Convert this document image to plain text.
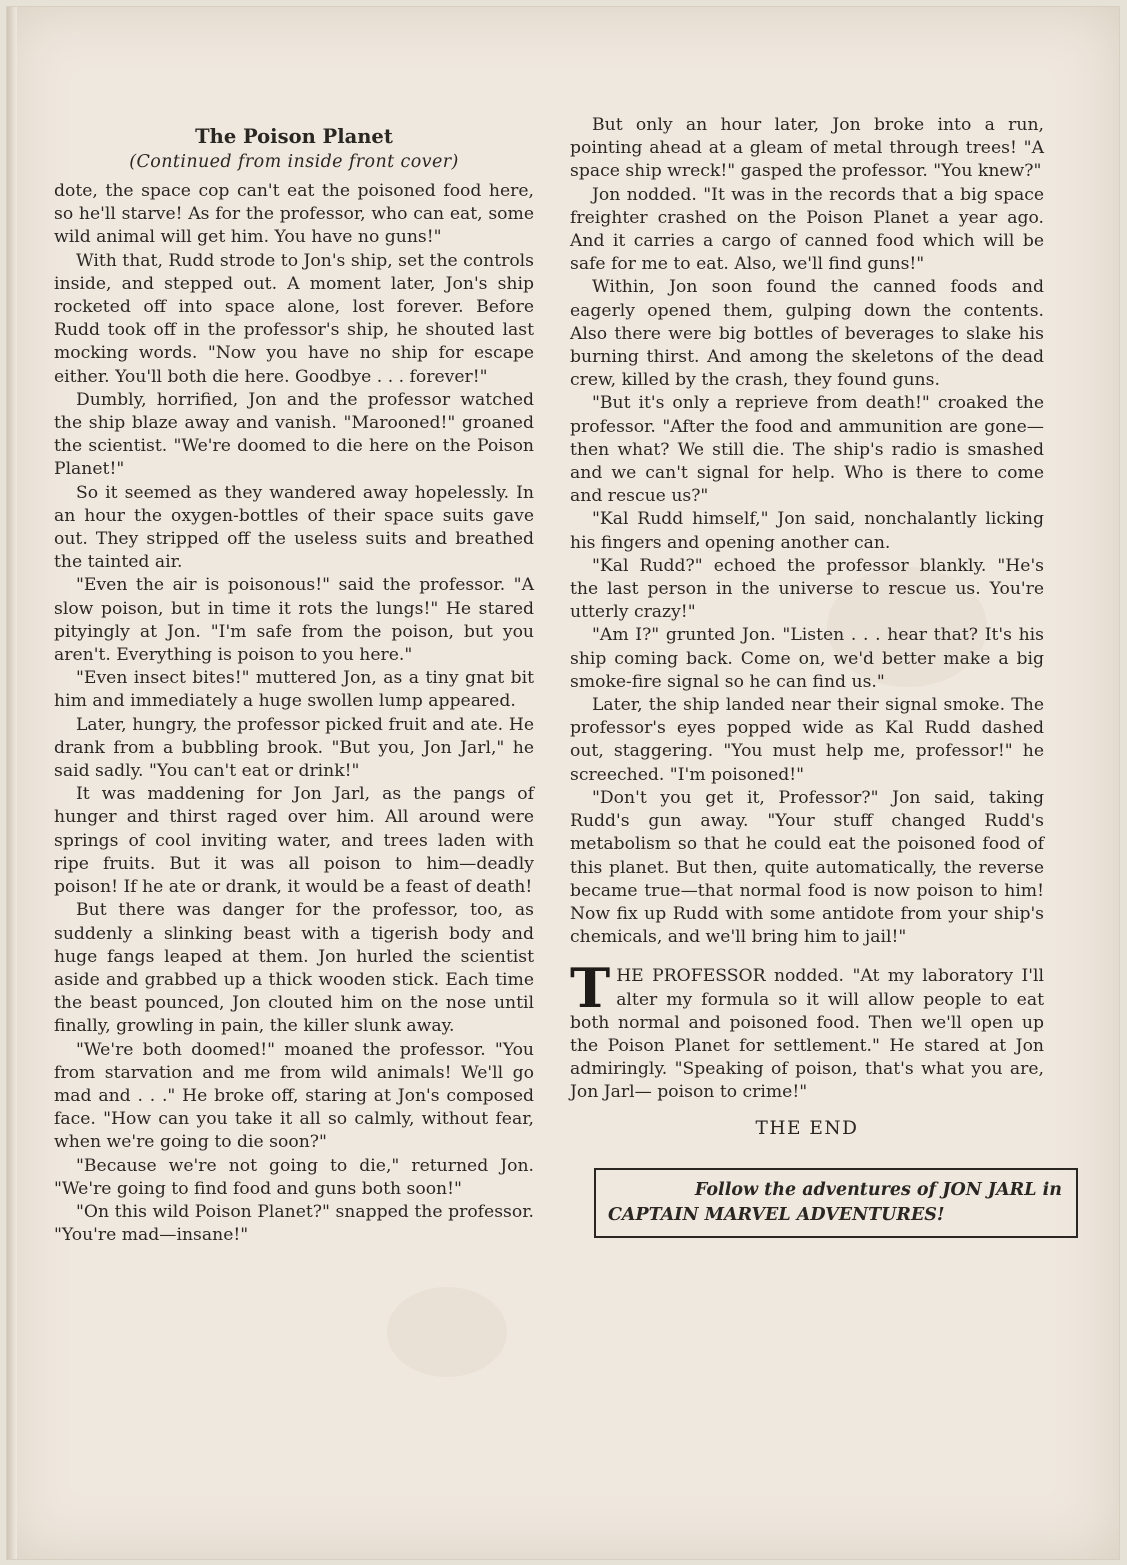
The Poison Planet

(Continued from inside front cover)

dote, the space cop can't eat the poisoned food here, so he'll starve! As for the professor, who can eat, some wild animal will get him. You have no guns!"

With that, Rudd strode to Jon's ship, set the controls inside, and stepped out. A moment later, Jon's ship rocketed off into space alone, lost forever. Before Rudd took off in the professor's ship, he shouted last mocking words. "Now you have no ship for escape either. You'll both die here. Goodbye . . . forever!"

Dumbly, horrified, Jon and the professor watched the ship blaze away and vanish. "Marooned!" groaned the scientist. "We're doomed to die here on the Poison Planet!"

So it seemed as they wandered away hopelessly. In an hour the oxygen-bottles of their space suits gave out. They stripped off the useless suits and breathed the tainted air.

"Even the air is poisonous!" said the professor. "A slow poison, but in time it rots the lungs!" He stared pityingly at Jon. "I'm safe from the poison, but you aren't. Everything is poison to you here."

"Even insect bites!" muttered Jon, as a tiny gnat bit him and immediately a huge swollen lump appeared.

Later, hungry, the professor picked fruit and ate. He drank from a bubbling brook. "But you, Jon Jarl," he said sadly. "You can't eat or drink!"

It was maddening for Jon Jarl, as the pangs of hunger and thirst raged over him. All around were springs of cool inviting water, and trees laden with ripe fruits. But it was all poison to him—deadly poison! If he ate or drank, it would be a feast of death!

But there was danger for the professor, too, as suddenly a slinking beast with a tigerish body and huge fangs leaped at them. Jon hurled the scientist aside and grabbed up a thick wooden stick. Each time the beast pounced, Jon clouted him on the nose until finally, growling in pain, the killer slunk away.

"We're both doomed!" moaned the professor. "You from starvation and me from wild animals! We'll go mad and . . ." He broke off, staring at Jon's composed face. "How can you take it all so calmly, without fear, when we're going to die soon?"

"Because we're not going to die," returned Jon. "We're going to find food and guns both soon!"

"On this wild Poison Planet?" snapped the professor. "You're mad—insane!"

But only an hour later, Jon broke into a run, pointing ahead at a gleam of metal through trees! "A space ship wreck!" gasped the professor. "You knew?"

Jon nodded. "It was in the records that a big space freighter crashed on the Poison Planet a year ago. And it carries a cargo of canned food which will be safe for me to eat. Also, we'll find guns!"

Within, Jon soon found the canned foods and eagerly opened them, gulping down the contents. Also there were big bottles of beverages to slake his burning thirst. And among the skeletons of the dead crew, killed by the crash, they found guns.

"But it's only a reprieve from death!" croaked the professor. "After the food and ammunition are gone—then what? We still die. The ship's radio is smashed and we can't signal for help. Who is there to come and rescue us?"

"Kal Rudd himself," Jon said, nonchalantly licking his fingers and opening another can.

"Kal Rudd?" echoed the professor blankly. "He's the last person in the universe to rescue us. You're utterly crazy!"

"Am I?" grunted Jon. "Listen . . . hear that? It's his ship coming back. Come on, we'd better make a big smoke-fire signal so he can find us."

Later, the ship landed near their signal smoke. The professor's eyes popped wide as Kal Rudd dashed out, staggering. "You must help me, professor!" he screeched. "I'm poisoned!"

"Don't you get it, Professor?" Jon said, taking Rudd's gun away. "Your stuff changed Rudd's metabolism so that he could eat the poisoned food of this planet. But then, quite automatically, the reverse became true—that normal food is now poison to him! Now fix up Rudd with some antidote from your ship's chemicals, and we'll bring him to jail!"

THE PROFESSOR nodded. "At my laboratory I'll alter my formula so it will allow people to eat both normal and poisoned food. Then we'll open up the Poison Planet for settlement." He stared at Jon admiringly. "Speaking of poison, that's what you are, Jon Jarl— poison to crime!"

THE END

Follow the adventures of JON JARL in
CAPTAIN MARVEL ADVENTURES!
